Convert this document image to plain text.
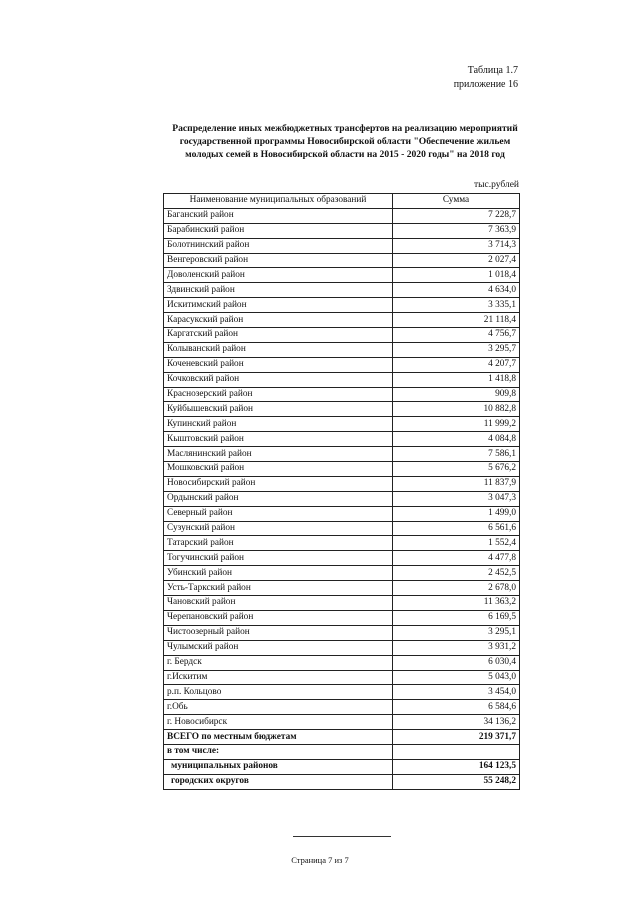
Таблица 1.7
приложение 16
Распределение иных межбюджетных трансфертов на реализацию мероприятий
государственной программы Новосибирской области "Обеспечение жильем
молодых семей в Новосибирской области на 2015 - 2020 годы" на 2018 год
тыс.рублей
Наименование муниципальных образований	Сумма
Баганский район	7 228,7
Барабинский район	7 363,9
Болотнинский район	3 714,3
Венгеровский район	2 027,4
Доволенский район	1 018,4
Здвинский район	4 634,0
Искитимский район	3 335,1
Карасукский район	21 118,4
Каргатский район	4 756,7
Колыванский район	3 295,7
Коченевский район	4 207,7
Кочковский район	1 418,8
Краснозерский район	909,8
Куйбышевский район	10 882,8
Купинский район	11 999,2
Кыштовский район	4 084,8
Маслянинский район	7 586,1
Мошковский район	5 676,2
Новосибирский район	11 837,9
Ордынский район	3 047,3
Северный район	1 499,0
Сузунский район	6 561,6
Татарский район	1 552,4
Тогучинский район	4 477,8
Убинский район	2 452,5
Усть-Таркский район	2 678,0
Чановский район	11 363,2
Черепановский район	6 169,5
Чистоозерный район	3 295,1
Чулымский район	3 931,2
г. Бердск	6 030,4
г.Искитим	5 043,0
р.п. Кольцово	3 454,0
г.Обь	6 584,6
г. Новосибирск	34 136,2
ВСЕГО по местным бюджетам	219 371,7
в том числе:	
муниципальных районов	164 123,5
городских округов	55 248,2
Страница 7 из 7
